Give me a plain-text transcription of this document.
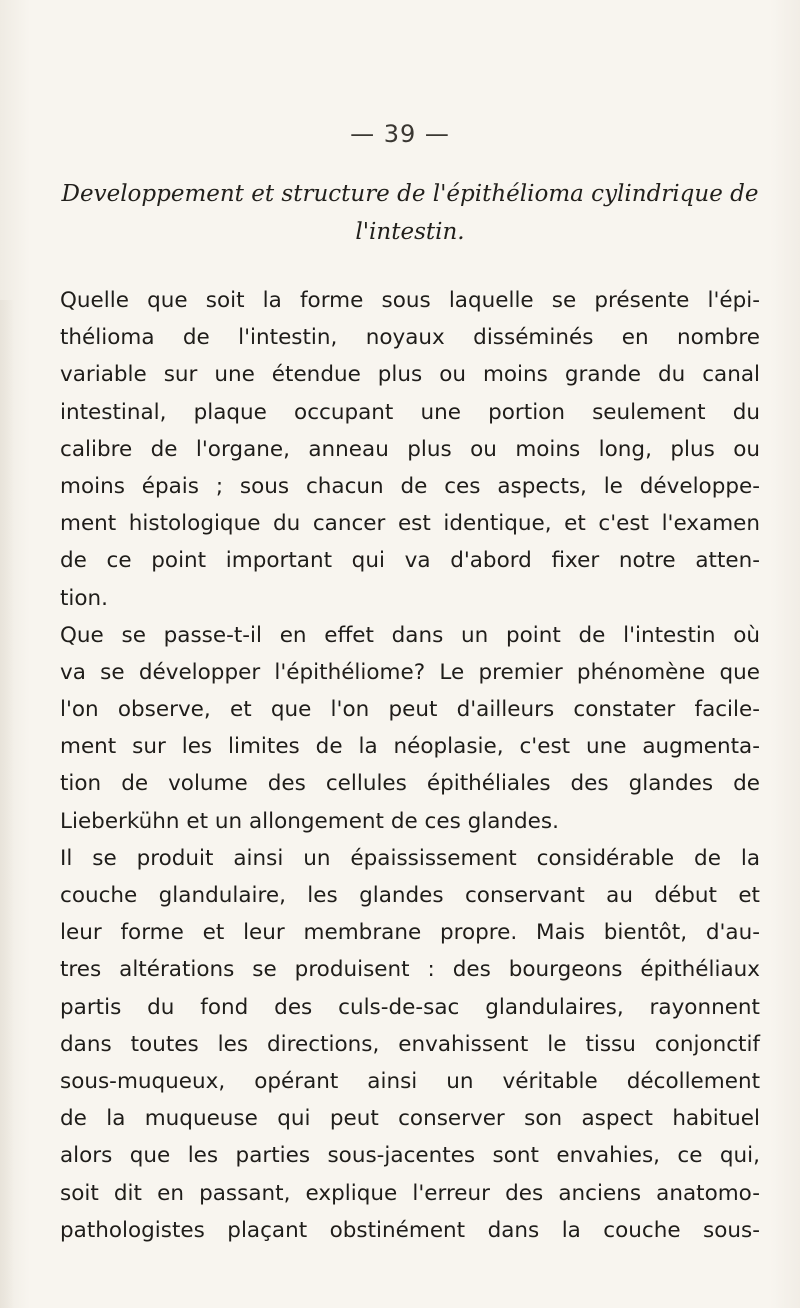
— 39 —
Developpement et structure de l'épithélioma cylindrique de
l'intestin.
Quelle que soit la forme sous laquelle se présente l'épi-
thélioma de l'intestin, noyaux disséminés en nombre
variable sur une étendue plus ou moins grande du canal
intestinal, plaque occupant une portion seulement du
calibre de l'organe, anneau plus ou moins long, plus ou
moins épais ; sous chacun de ces aspects, le développe-
ment histologique du cancer est identique, et c'est l'examen
de ce point important qui va d'abord fixer notre atten-
tion.
Que se passe-t-il en effet dans un point de l'intestin où
va se développer l'épithéliome? Le premier phénomène que
l'on observe, et que l'on peut d'ailleurs constater facile-
ment sur les limites de la néoplasie, c'est une augmenta-
tion de volume des cellules épithéliales des glandes de
Lieberkühn et un allongement de ces glandes.
Il se produit ainsi un épaississement considérable de la
couche glandulaire, les glandes conservant au début et
leur forme et leur membrane propre. Mais bientôt, d'au-
tres altérations se produisent : des bourgeons épithéliaux
partis du fond des culs-de-sac glandulaires, rayonnent
dans toutes les directions, envahissent le tissu conjonctif
sous-muqueux, opérant ainsi un véritable décollement
de la muqueuse qui peut conserver son aspect habituel
alors que les parties sous-jacentes sont envahies, ce qui,
soit dit en passant, explique l'erreur des anciens anatomo-
pathologistes plaçant obstinément dans la couche sous-
